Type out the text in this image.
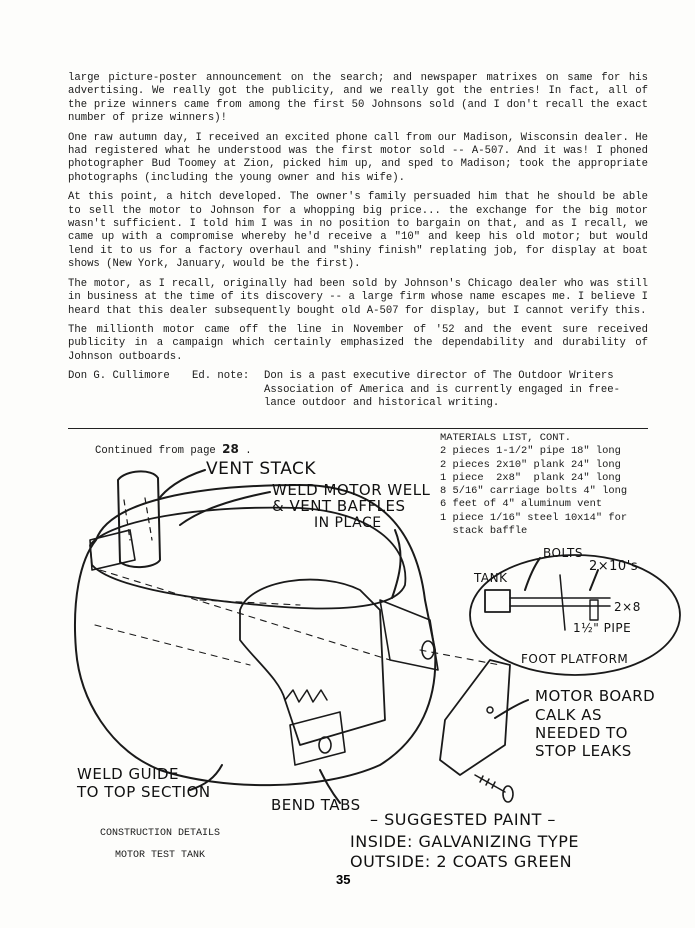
large picture-poster announcement on the search; and newspaper matrixes on same for his advertising. We really got the publicity, and we really got the entries! In fact, all of the prize winners came from among the first 50 Johnsons sold (and I don't recall the exact number of prize winners)!

One raw autumn day, I received an excited phone call from our Madison, Wisconsin dealer. He had registered what he understood was the first motor sold -- A-507. And it was! I phoned photographer Bud Toomey at Zion, picked him up, and sped to Madison; took the appropriate photographs (including the young owner and his wife).

At this point, a hitch developed. The owner's family persuaded him that he should be able to sell the motor to Johnson for a whopping big price... the exchange for the big motor wasn't sufficient. I told him I was in no position to bargain on that, and as I recall, we came up with a compromise whereby he'd receive a "10" and keep his old motor; but would lend it to us for a factory overhaul and "shiny finish" replating job, for display at boat shows (New York, January, would be the first).

The motor, as I recall, originally had been sold by Johnson's Chicago dealer who was still in business at the time of its discovery -- a large firm whose name escapes me. I believe I heard that this dealer subsequently bought old A-507 for display, but I cannot verify this.

The millionth motor came off the line in November of '52 and the event sure received publicity in a campaign which certainly emphasized the dependability and durability of Johnson outboards.

Don G. Cullimore	Ed. note:	Don is a past executive director of The Outdoor Writers Association of America and is currently engaged in free-lance outdoor and historical writing.
Continued from page 28 .
MATERIALS LIST, CONT.
2 pieces 1-1/2" pipe 18" long
2 pieces 2x10" plank 24" long
1 piece  2x8"  plank 24" long
8 5/16" carriage bolts 4" long
6 feet of 4" aluminum vent
1 piece 1/16" steel 10x14" for
stack baffle
VENT STACK
WELD MOTOR WELL
& VENT BAFFLES
IN PLACE
BOLTS
2×10's
TANK
2×8
1½" PIPE
FOOT PLATFORM
MOTOR BOARD
CALK AS
NEEDED TO
STOP LEAKS
WELD GUIDE
TO TOP SECTION
BEND TABS
– SUGGESTED PAINT –
INSIDE: GALVANIZING TYPE
OUTSIDE: 2 COATS GREEN
CONSTRUCTION DETAILS
MOTOR TEST TANK
35
